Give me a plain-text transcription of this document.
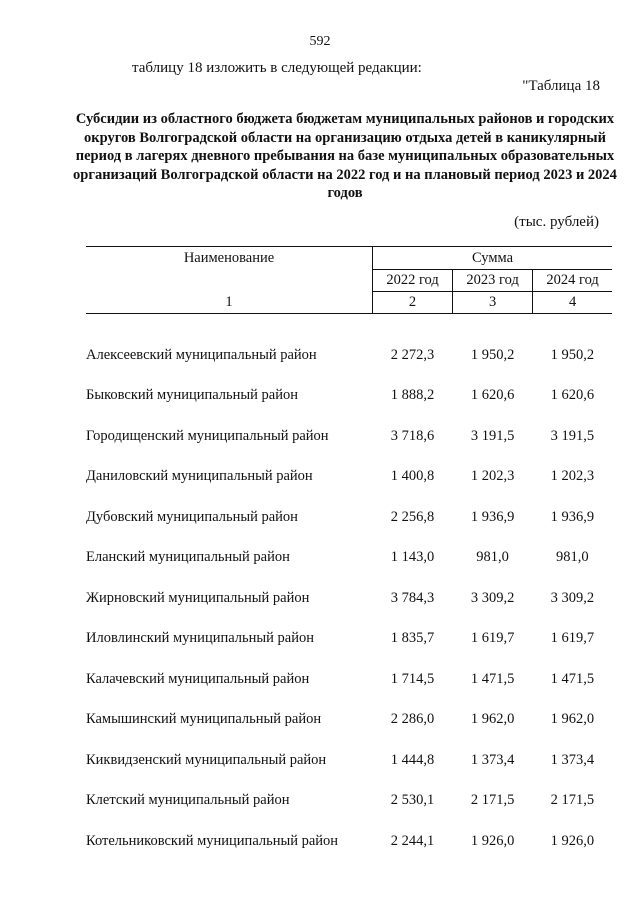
592
таблицу 18 изложить в следующей редакции:
"Таблица 18
Субсидии из областного бюджета бюджетам муниципальных районов и городских округов Волгоградской области на организацию отдыха детей в каникулярный период в лагерях дневного пребывания на базе муниципальных образовательных организаций Волгоградской области на 2022 год и на плановый период 2023 и 2024 годов
(тыс. рублей)
Наименование	Сумма		
	2022 год	2023 год	2024 год
1	2	3	4

Алексеевский муниципальный район	2 272,3	1 950,2	1 950,2
Быковский муниципальный район	1 888,2	1 620,6	1 620,6
Городищенский муниципальный район	3 718,6	3 191,5	3 191,5
Даниловский муниципальный район	1 400,8	1 202,3	1 202,3
Дубовский муниципальный район	2 256,8	1 936,9	1 936,9
Еланский муниципальный район	1 143,0	981,0	981,0
Жирновский муниципальный район	3 784,3	3 309,2	3 309,2
Иловлинский муниципальный район	1 835,7	1 619,7	1 619,7
Калачевский муниципальный район	1 714,5	1 471,5	1 471,5
Камышинский муниципальный район	2 286,0	1 962,0	1 962,0
Киквидзенский муниципальный район	1 444,8	1 373,4	1 373,4
Клетский муниципальный район	2 530,1	2 171,5	2 171,5
Котельниковский муниципальный район	2 244,1	1 926,0	1 926,0
